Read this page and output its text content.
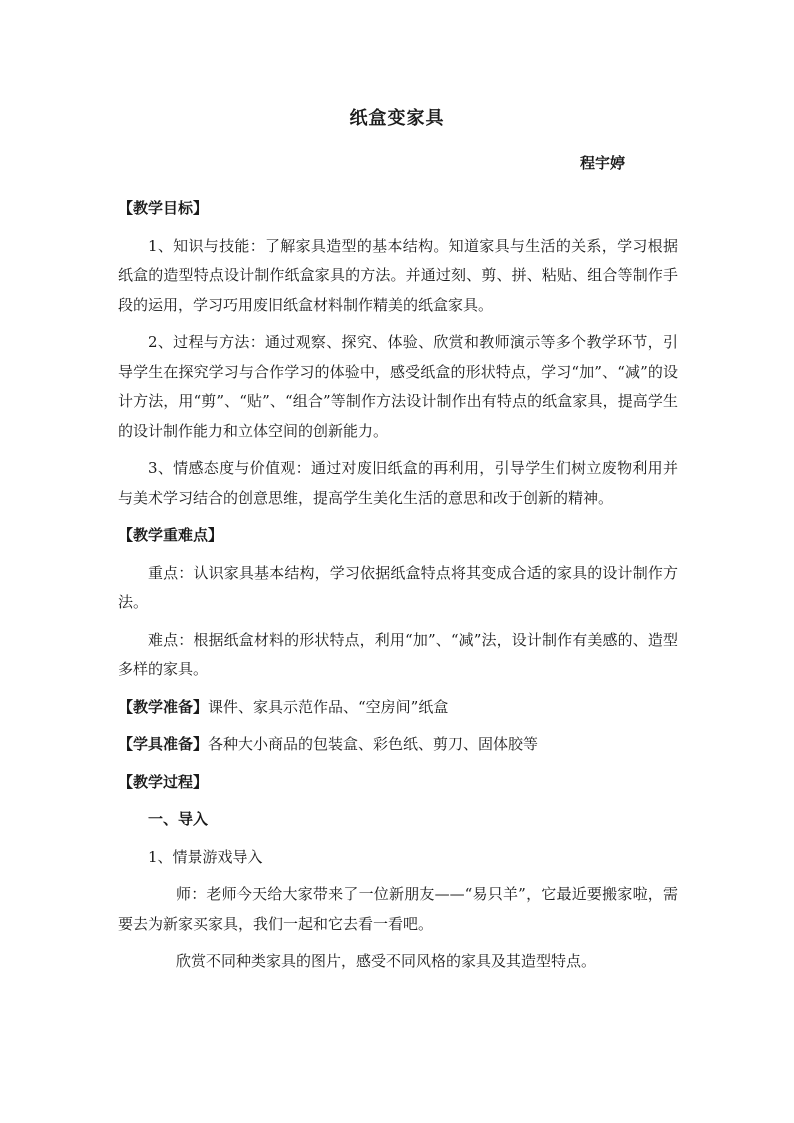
纸盒变家具
程宇婷
【教学目标】

1、知识与技能：了解家具造型的基本结构。知道家具与生活的关系，学习根据纸盒的造型特点设计制作纸盒家具的方法。并通过刻、剪、拼、粘贴、组合等制作手段的运用，学习巧用废旧纸盒材料制作精美的纸盒家具。

2、过程与方法：通过观察、探究、体验、欣赏和教师演示等多个教学环节，引导学生在探究学习与合作学习的体验中，感受纸盒的形状特点，学习“加”、“减”的设计方法，用“剪”、“贴”、“组合”等制作方法设计制作出有特点的纸盒家具，提高学生的设计制作能力和立体空间的创新能力。

3、情感态度与价值观：通过对废旧纸盒的再利用，引导学生们树立废物利用并与美术学习结合的创意思维，提高学生美化生活的意思和改于创新的精神。

【教学重难点】

重点：认识家具基本结构，学习依据纸盒特点将其变成合适的家具的设计制作方法。

难点：根据纸盒材料的形状特点，利用“加”、“减”法，设计制作有美感的、造型多样的家具。

【教学准备】课件、家具示范作品、“空房间”纸盒
【学具准备】各种大小商品的包装盒、彩色纸、剪刀、固体胶等
【教学过程】
一、导入
1、情景游戏导入

师：老师今天给大家带来了一位新朋友——“易只羊”，它最近要搬家啦，需要去为新家买家具，我们一起和它去看一看吧。

欣赏不同种类家具的图片，感受不同风格的家具及其造型特点。
